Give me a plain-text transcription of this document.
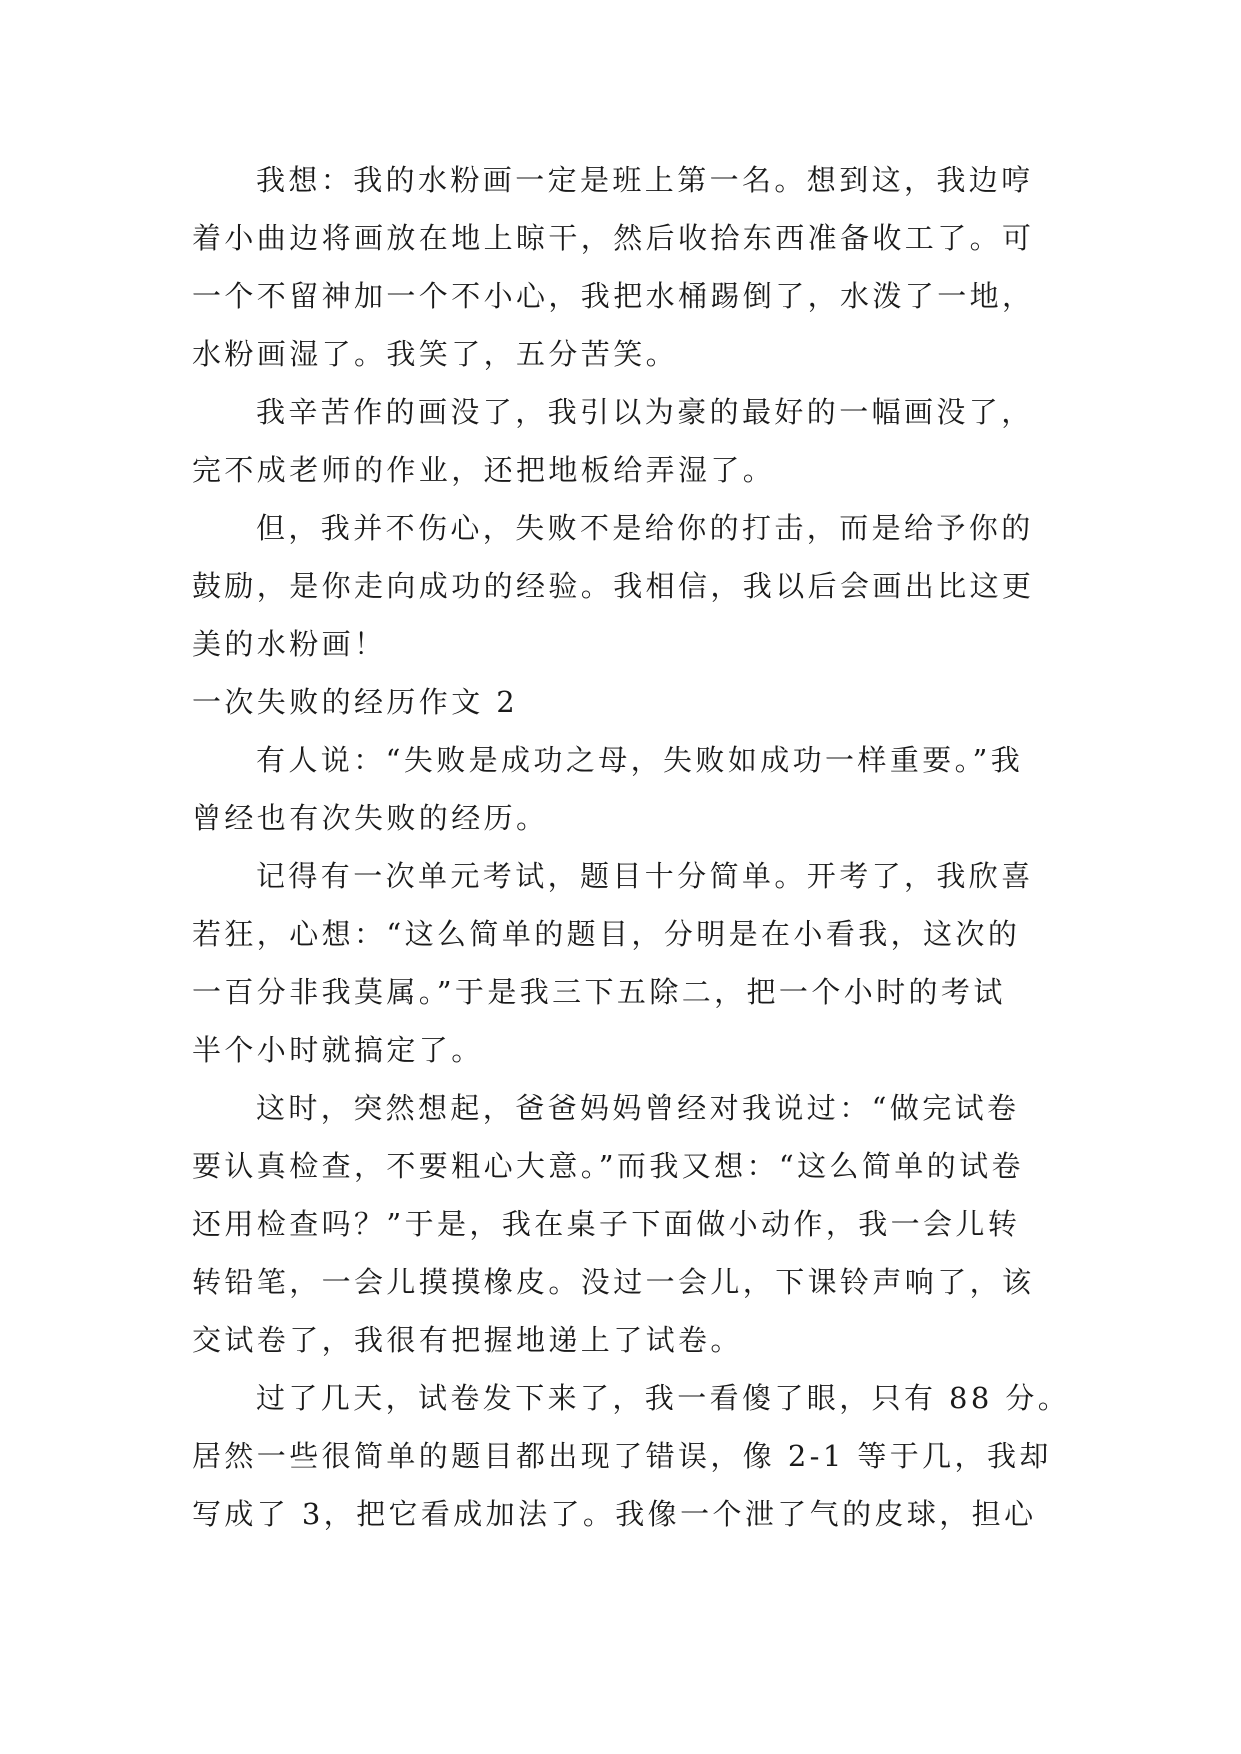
我想：我的水粉画一定是班上第一名。想到这，我边哼
着小曲边将画放在地上晾干，然后收拾东西准备收工了。可
一个不留神加一个不小心，我把水桶踢倒了，水泼了一地，
水粉画湿了。我笑了，五分苦笑。
我辛苦作的画没了，我引以为豪的最好的一幅画没了，
完不成老师的作业，还把地板给弄湿了。
但，我并不伤心，失败不是给你的打击，而是给予你的
鼓励，是你走向成功的经验。我相信，我以后会画出比这更
美的水粉画！
一次失败的经历作文 2
有人说：“失败是成功之母，失败如成功一样重要。”我
曾经也有次失败的经历。
记得有一次单元考试，题目十分简单。开考了，我欣喜
若狂，心想：“这么简单的题目，分明是在小看我，这次的
一百分非我莫属。”于是我三下五除二，把一个小时的考试
半个小时就搞定了。
这时，突然想起，爸爸妈妈曾经对我说过：“做完试卷
要认真检查，不要粗心大意。”而我又想：“这么简单的试卷
还用检查吗？”于是，我在桌子下面做小动作，我一会儿转
转铅笔，一会儿摸摸橡皮。没过一会儿，下课铃声响了，该
交试卷了，我很有把握地递上了试卷。
过了几天，试卷发下来了，我一看傻了眼，只有 88 分。
居然一些很简单的题目都出现了错误，像 2-1 等于几，我却
写成了 3，把它看成加法了。我像一个泄了气的皮球，担心
